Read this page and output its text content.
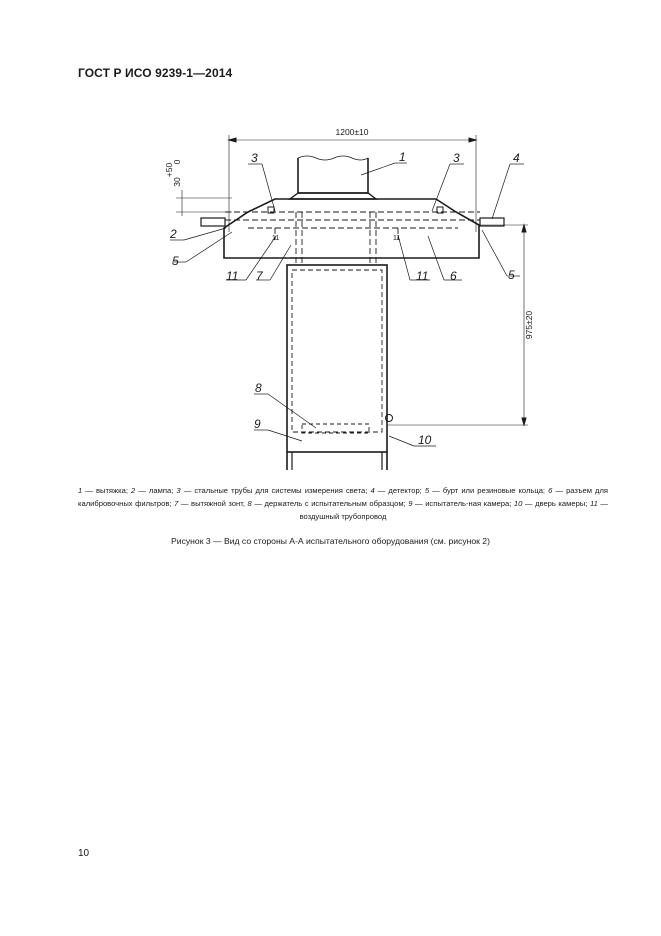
ГОСТ Р ИСО 9239-1—2014
1200±10
975±20
+50
0
30
11	11
1
3	3	4
2
5
5
11 7	11 6
8
9
10
1 — вытяжка; 2 — лампа; 3 — стальные трубы для системы измерения света; 4 — детектор; 5 — бурт или резиновые кольца; 6 — разъем для калибровочных фильтров; 7 — вытяжной зонт, 8 — держатель с испытательным образцом; 9 — испытатель-ная камера; 10 — дверь камеры; 11 — воздушный трубопровод
Рисунок 3 — Вид со стороны А-А испытательного оборудования (см. рисунок 2)
10
